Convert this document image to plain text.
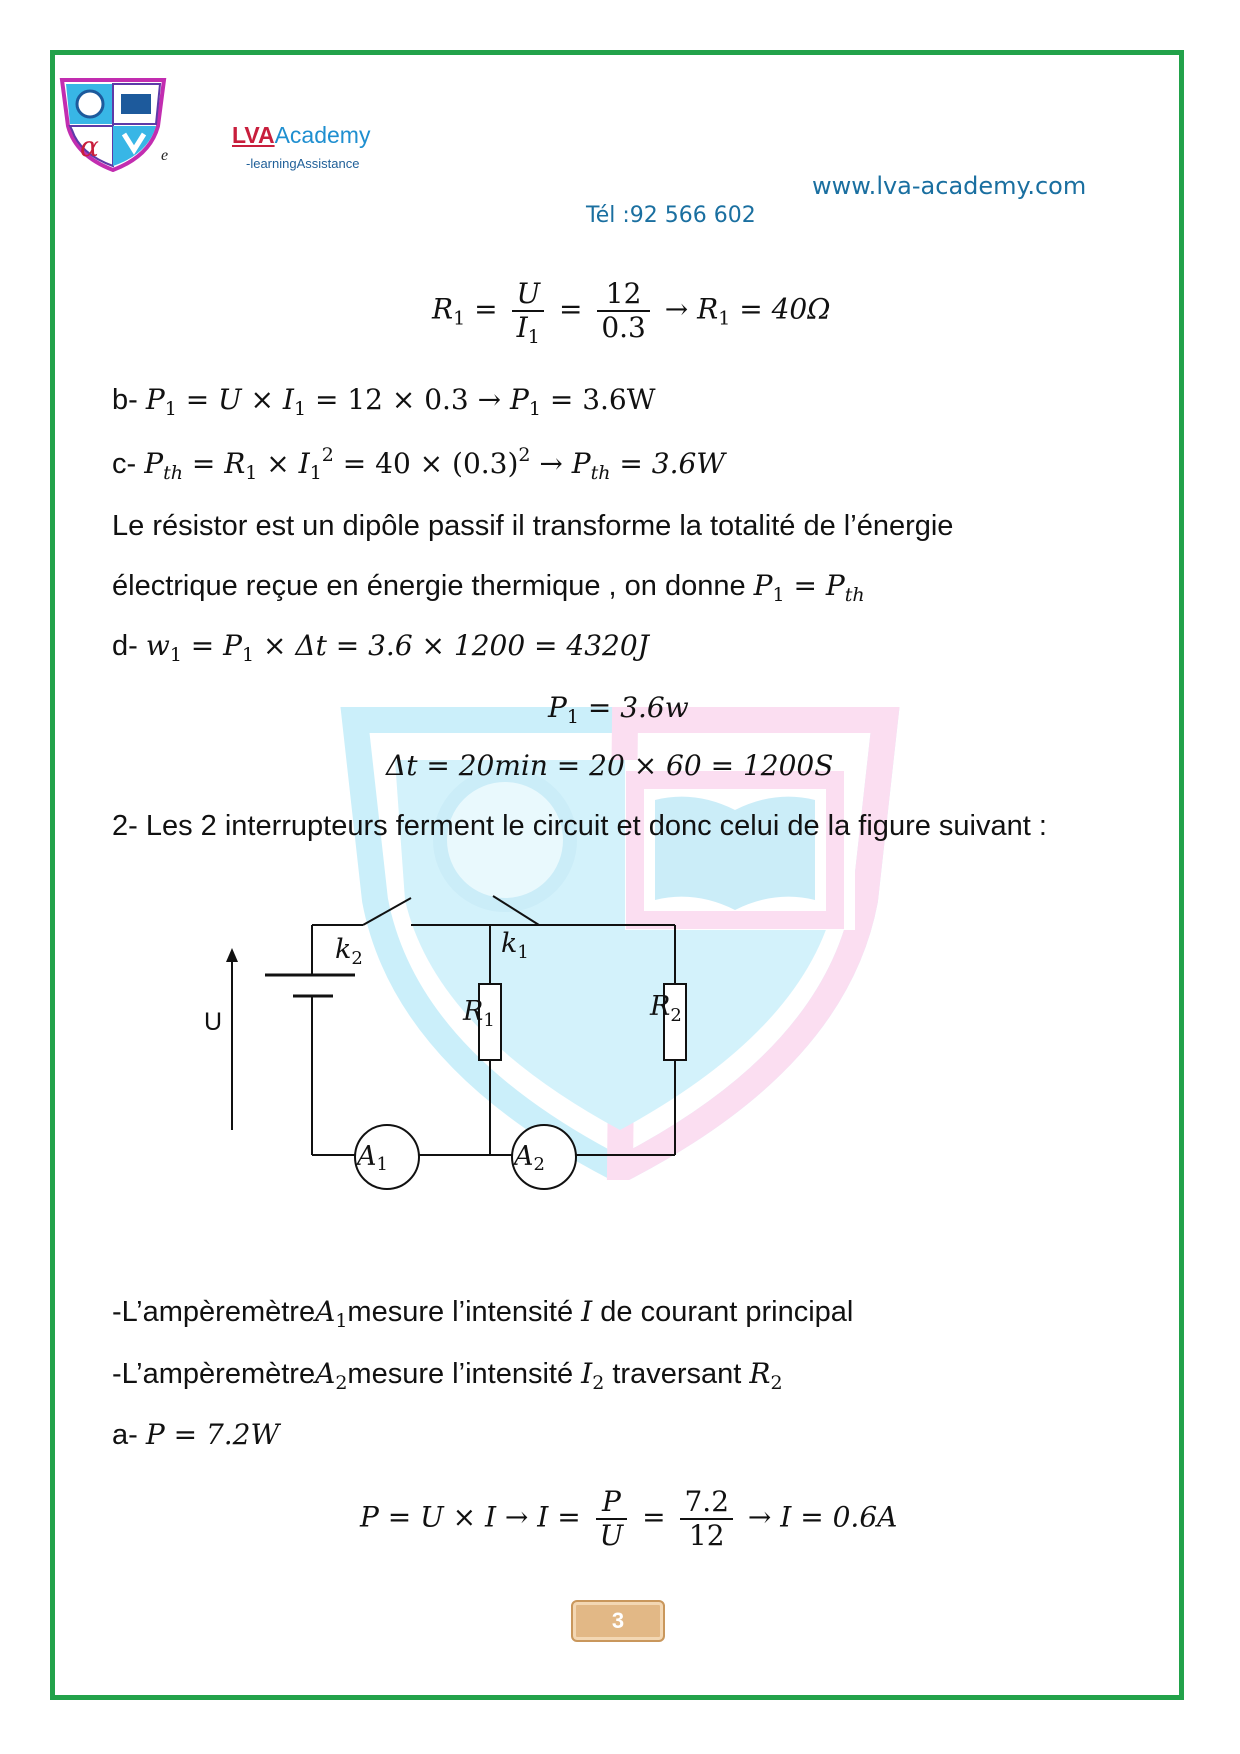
α	e
LVAAcademy
-learningAssistance
www.lva-academy.com
Tél :92 566 602
$R_1 = \frac{U}{I_1} = \frac{12}{0.3} \to R_1 = 40\Omega$
b- $P_1 = U \times I_1 = 12 \times 0.3 \to P_1 = 3.6W$
c- $P_{th} = R_1 \times I_1^2 = 40 \times (0.3)^2 \to P_{th} = 3.6W$
Le résistor est un dipôle passif il transforme la totalité de l’énergie
électrique reçue en énergie thermique , on donne $P_1 = P_{th}$
d- $w_1 = P_1 \times \Delta t = 3.6 \times 1200 = 4320J$
$P_1 = 3.6w$
Δt = 20min = 20 × 60 = 1200S
2- Les 2 interrupteurs ferment le circuit et donc celui de la figure suivant :
U
$k_2$	$k_1$
$R_1$	$R_2$
A1	A2
-L’ampèremètreA$_1$mesure l’intensité I de courant principal
-L’ampèremètreA$_2$mesure l’intensité $I_2$ traversant $R_2$
a- P = 7.2W
$P = U \times I \to I = \frac{P}{U} = \frac{7.2}{12} \to I = 0.6A$
3
